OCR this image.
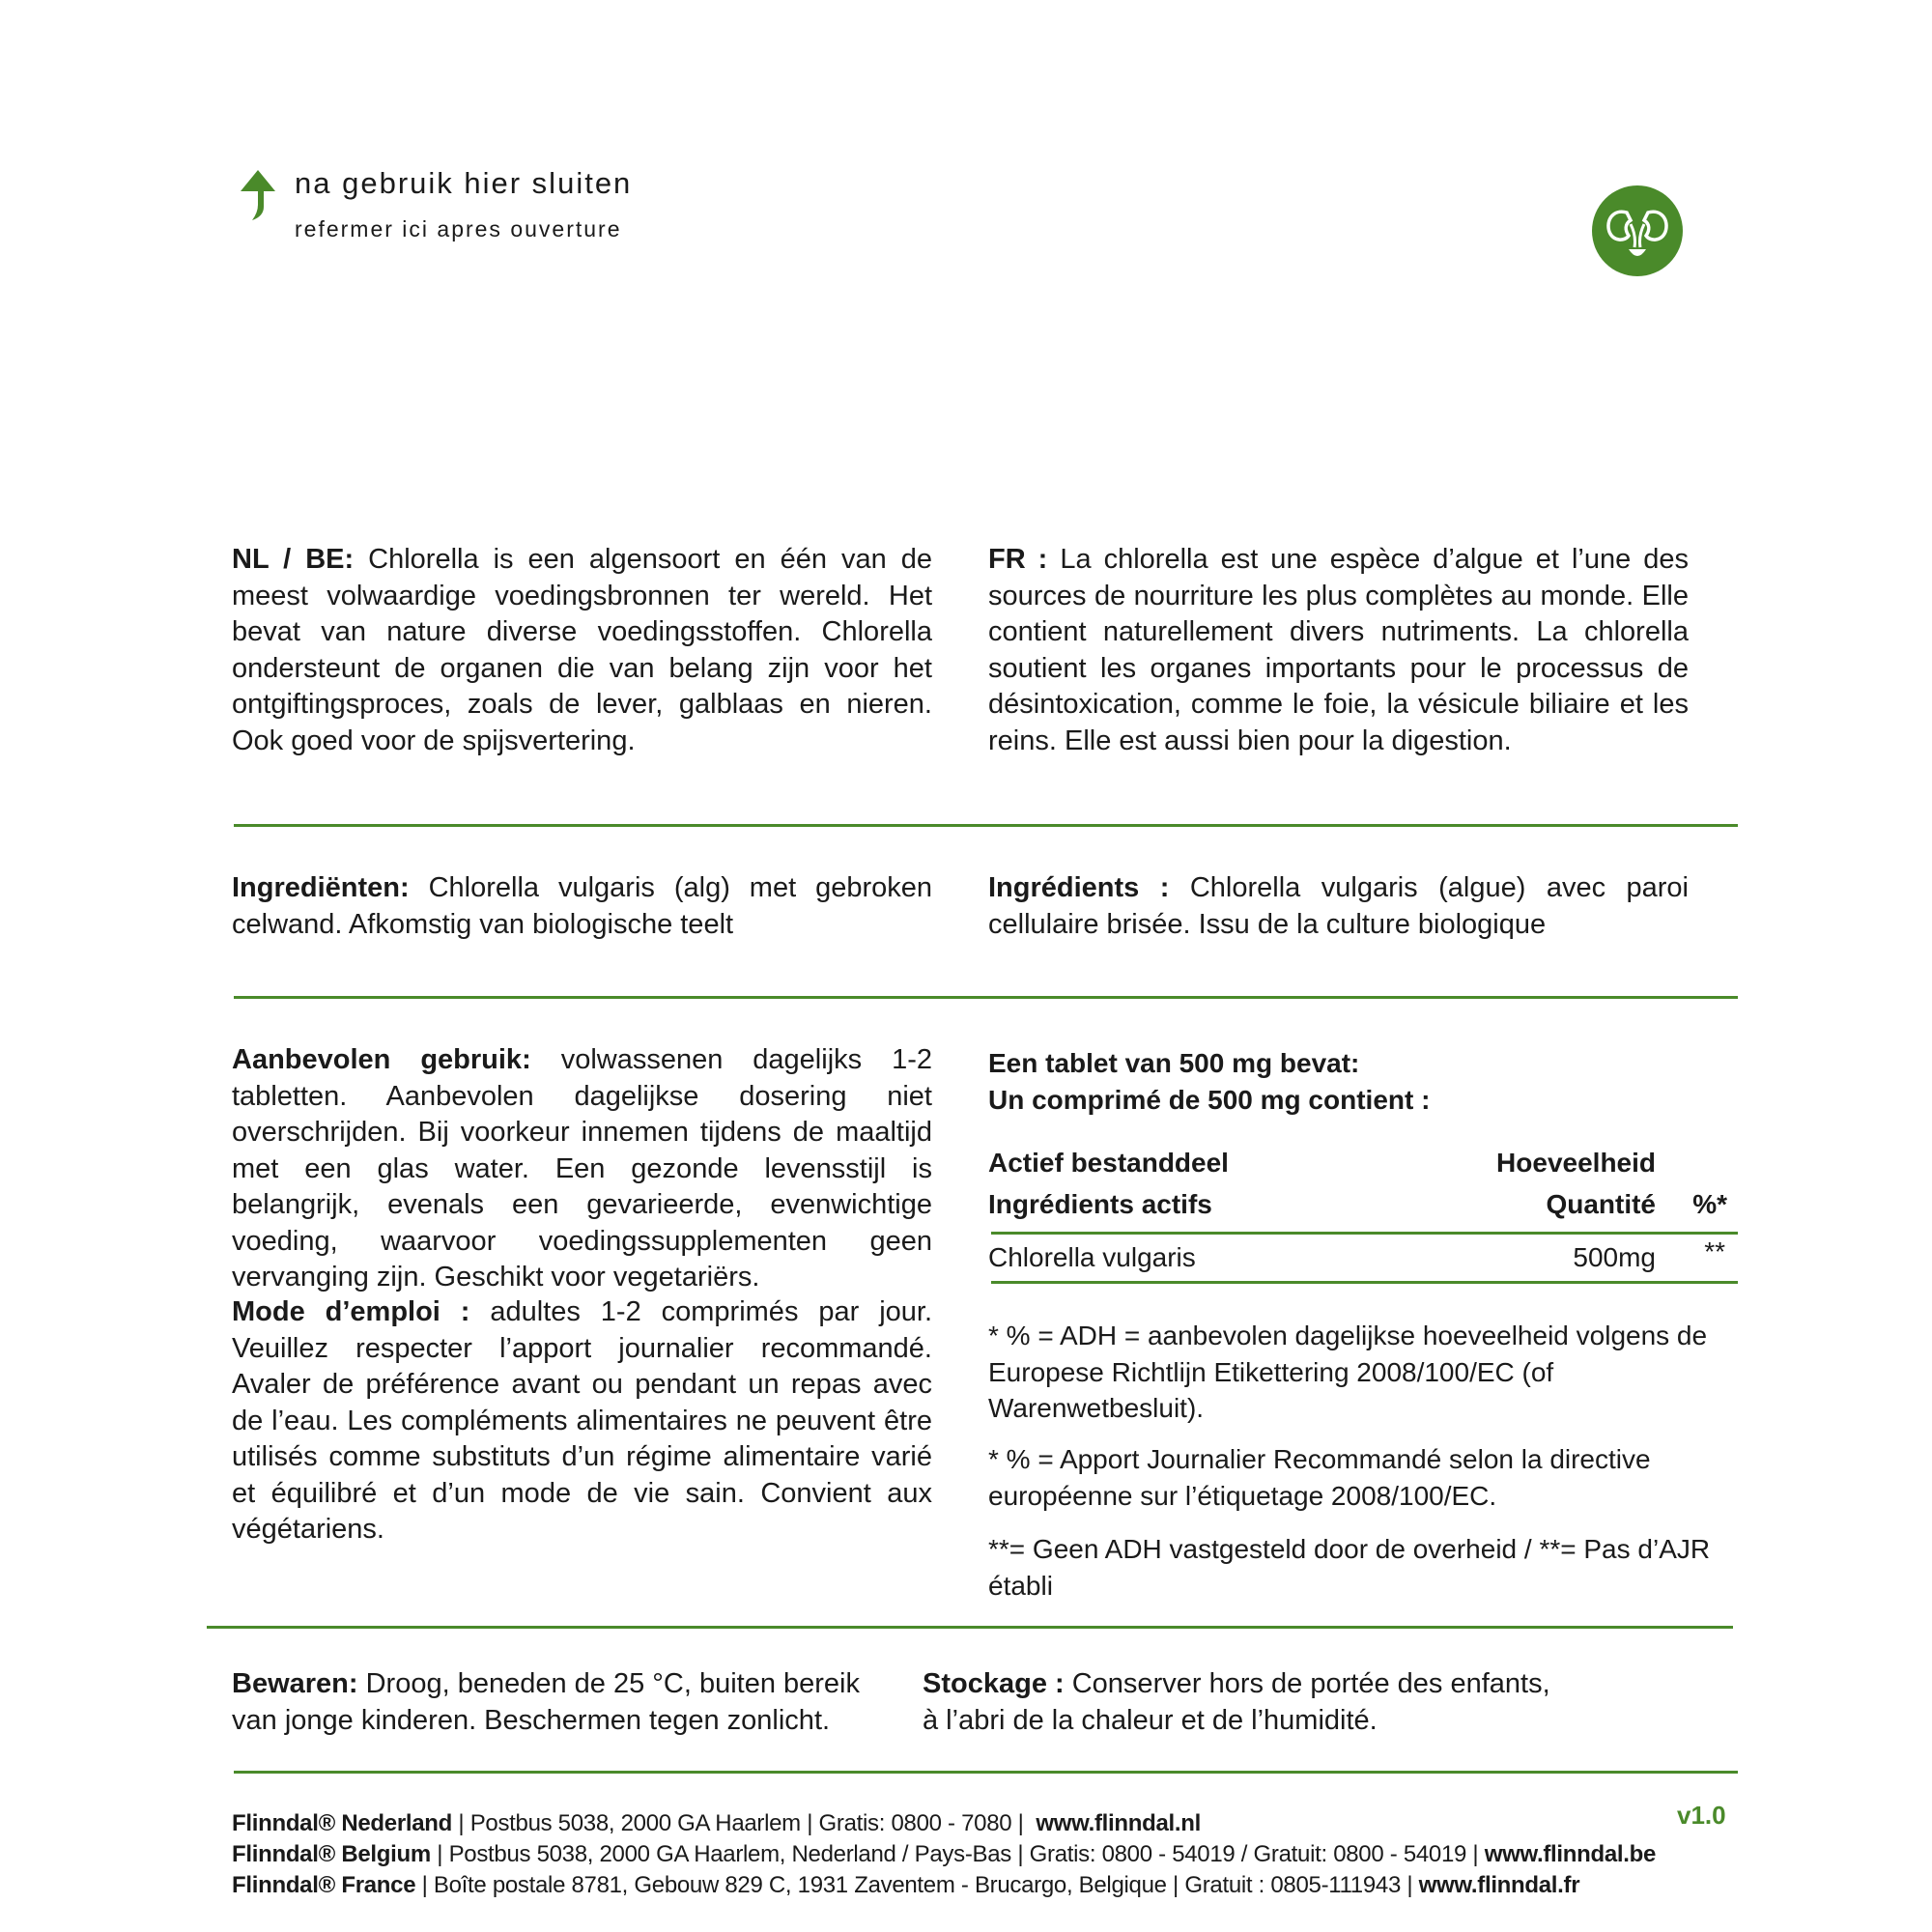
na gebruik hier sluiten
refermer ici apres ouverture
NL / BE: Chlorella is een algensoort en één van de meest volwaardige voedingsbronnen ter wereld. Het bevat van nature diverse voedingsstoffen. Chlorella ondersteunt de organen die van belang zijn voor het ontgiftingsproces, zoals de lever, galblaas en nieren. Ook goed voor de spijsvertering.
FR : La chlorella est une espèce d’algue et l’une des sources de nourriture les plus complètes au monde. Elle contient naturellement divers nutriments. La chlorella soutient les organes importants pour le processus de désintoxication, comme le foie, la vésicule biliaire et les reins. Elle est aussi bien pour la digestion.
Ingrediënten: Chlorella vulgaris (alg) met gebroken celwand. Afkomstig van biologische teelt
Ingrédients : Chlorella vulgaris (algue) avec paroi cellulaire brisée. Issu de la culture biologique
Aanbevolen gebruik: volwassenen dagelijks 1-2 tabletten. Aanbevolen dagelijkse dosering niet overschrijden. Bij voorkeur innemen tijdens de maaltijd met een glas water. Een gezonde levensstijl is belangrijk, evenals een gevarieerde, evenwichtige voeding, waarvoor voedingssupplementen geen vervanging zijn. Geschikt voor vegetariërs.
Mode d’emploi : adultes 1-2 comprimés par jour. Veuillez respecter l’apport journalier recommandé. Avaler de préférence avant ou pendant un repas avec de l’eau. Les compléments alimentaires ne peuvent être utilisés comme substituts d’un régime alimentaire varié et équilibré et d’un mode de vie sain. Convient aux végétariens.
Een tablet van 500 mg bevat:
Un comprimé de 500 mg contient :
Actief bestanddeel
Ingrédients actifs
Hoeveelheid
Quantité %*
Chlorella vulgaris	500mg **
* % = ADH = aanbevolen dagelijkse hoeveelheid volgens de Europese Richtlijn Etikettering 2008/100/EC (of Warenwetbesluit).
* % = Apport Journalier Recommandé selon la directive européenne sur l’étiquetage 2008/100/EC.
**= Geen ADH vastgesteld door de overheid / **= Pas d’AJR établi
Bewaren: Droog, beneden de 25 °C, buiten bereik
van jonge kinderen. Beschermen tegen zonlicht.
Stockage : Conserver hors de portée des enfants,
à l’abri de la chaleur et de l’humidité.
Flinndal® Nederland | Postbus 5038, 2000 GA Haarlem | Gratis: 0800 - 7080 | www.flinndal.nl
Flinndal® Belgium | Postbus 5038, 2000 GA Haarlem, Nederland / Pays-Bas | Gratis: 0800 - 54019 / Gratuit: 0800 - 54019 | www.flinndal.be
Flinndal® France | Boîte postale 8781, Gebouw 829 C, 1931 Zaventem - Brucargo, Belgique | Gratuit : 0805-111943 | www.flinndal.fr
v1.0
